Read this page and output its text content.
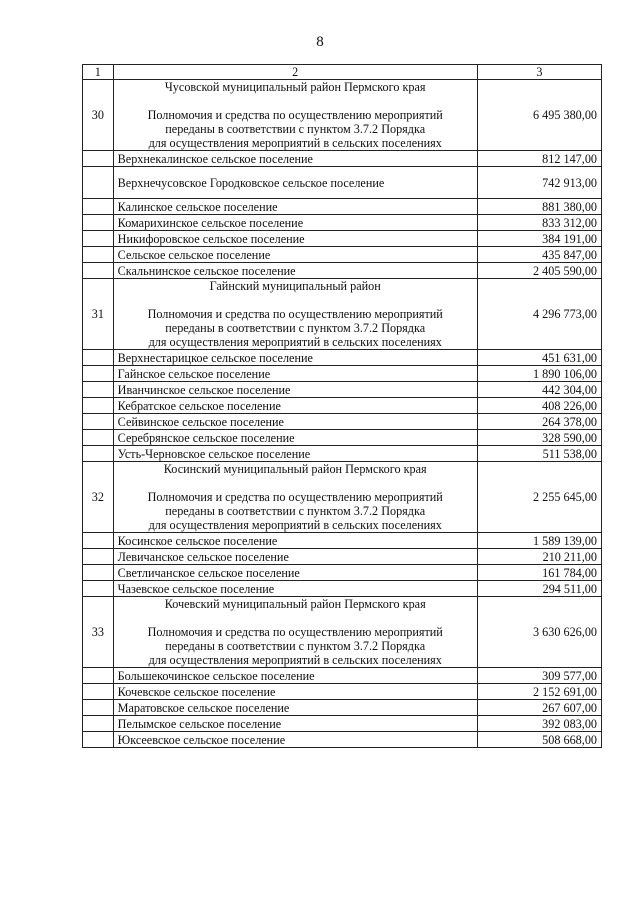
8
1	2	3
30	Чусовской муниципальный район Пермского края
Полномочия и средства по осуществлению мероприятий
переданы в соответствии с пунктом 3.7.2 Порядка
для осуществления мероприятий в сельских поселениях	6 495 380,00
	Верхнекалинское сельское поселение	812 147,00
	Верхнечусовское Городковское сельское поселение	742 913,00
	Калинское сельское поселение	881 380,00
	Комарихинское сельское поселение	833 312,00
	Никифоровское сельское поселение	384 191,00
	Сельское сельское поселение	435 847,00
	Скальнинское сельское поселение	2 405 590,00
31	Гайнский муниципальный район
Полномочия и средства по осуществлению мероприятий
переданы в соответствии с пунктом 3.7.2 Порядка
для осуществления мероприятий в сельских поселениях	4 296 773,00
	Верхнестарицкое сельское поселение	451 631,00
	Гайнское сельское поселение	1 890 106,00
	Иванчинское сельское поселение	442 304,00
	Кебратское сельское поселение	408 226,00
	Сейвинское сельское поселение	264 378,00
	Серебрянское сельское поселение	328 590,00
	Усть-Черновское сельское поселение	511 538,00
32	Косинский муниципальный район Пермского края
Полномочия и средства по осуществлению мероприятий
переданы в соответствии с пунктом 3.7.2 Порядка
для осуществления мероприятий в сельских поселениях	2 255 645,00
	Косинское сельское поселение	1 589 139,00
	Левичанское сельское поселение	210 211,00
	Светличанское сельское поселение	161 784,00
	Чазевское сельское поселение	294 511,00
33	Кочевский муниципальный район Пермского края
Полномочия и средства по осуществлению мероприятий
переданы в соответствии с пунктом 3.7.2 Порядка
для осуществления мероприятий в сельских поселениях	3 630 626,00
	Большекочинское сельское поселение	309 577,00
	Кочевское сельское поселение	2 152 691,00
	Маратовское сельское поселение	267 607,00
	Пелымское сельское поселение	392 083,00
	Юксеевское сельское поселение	508 668,00
